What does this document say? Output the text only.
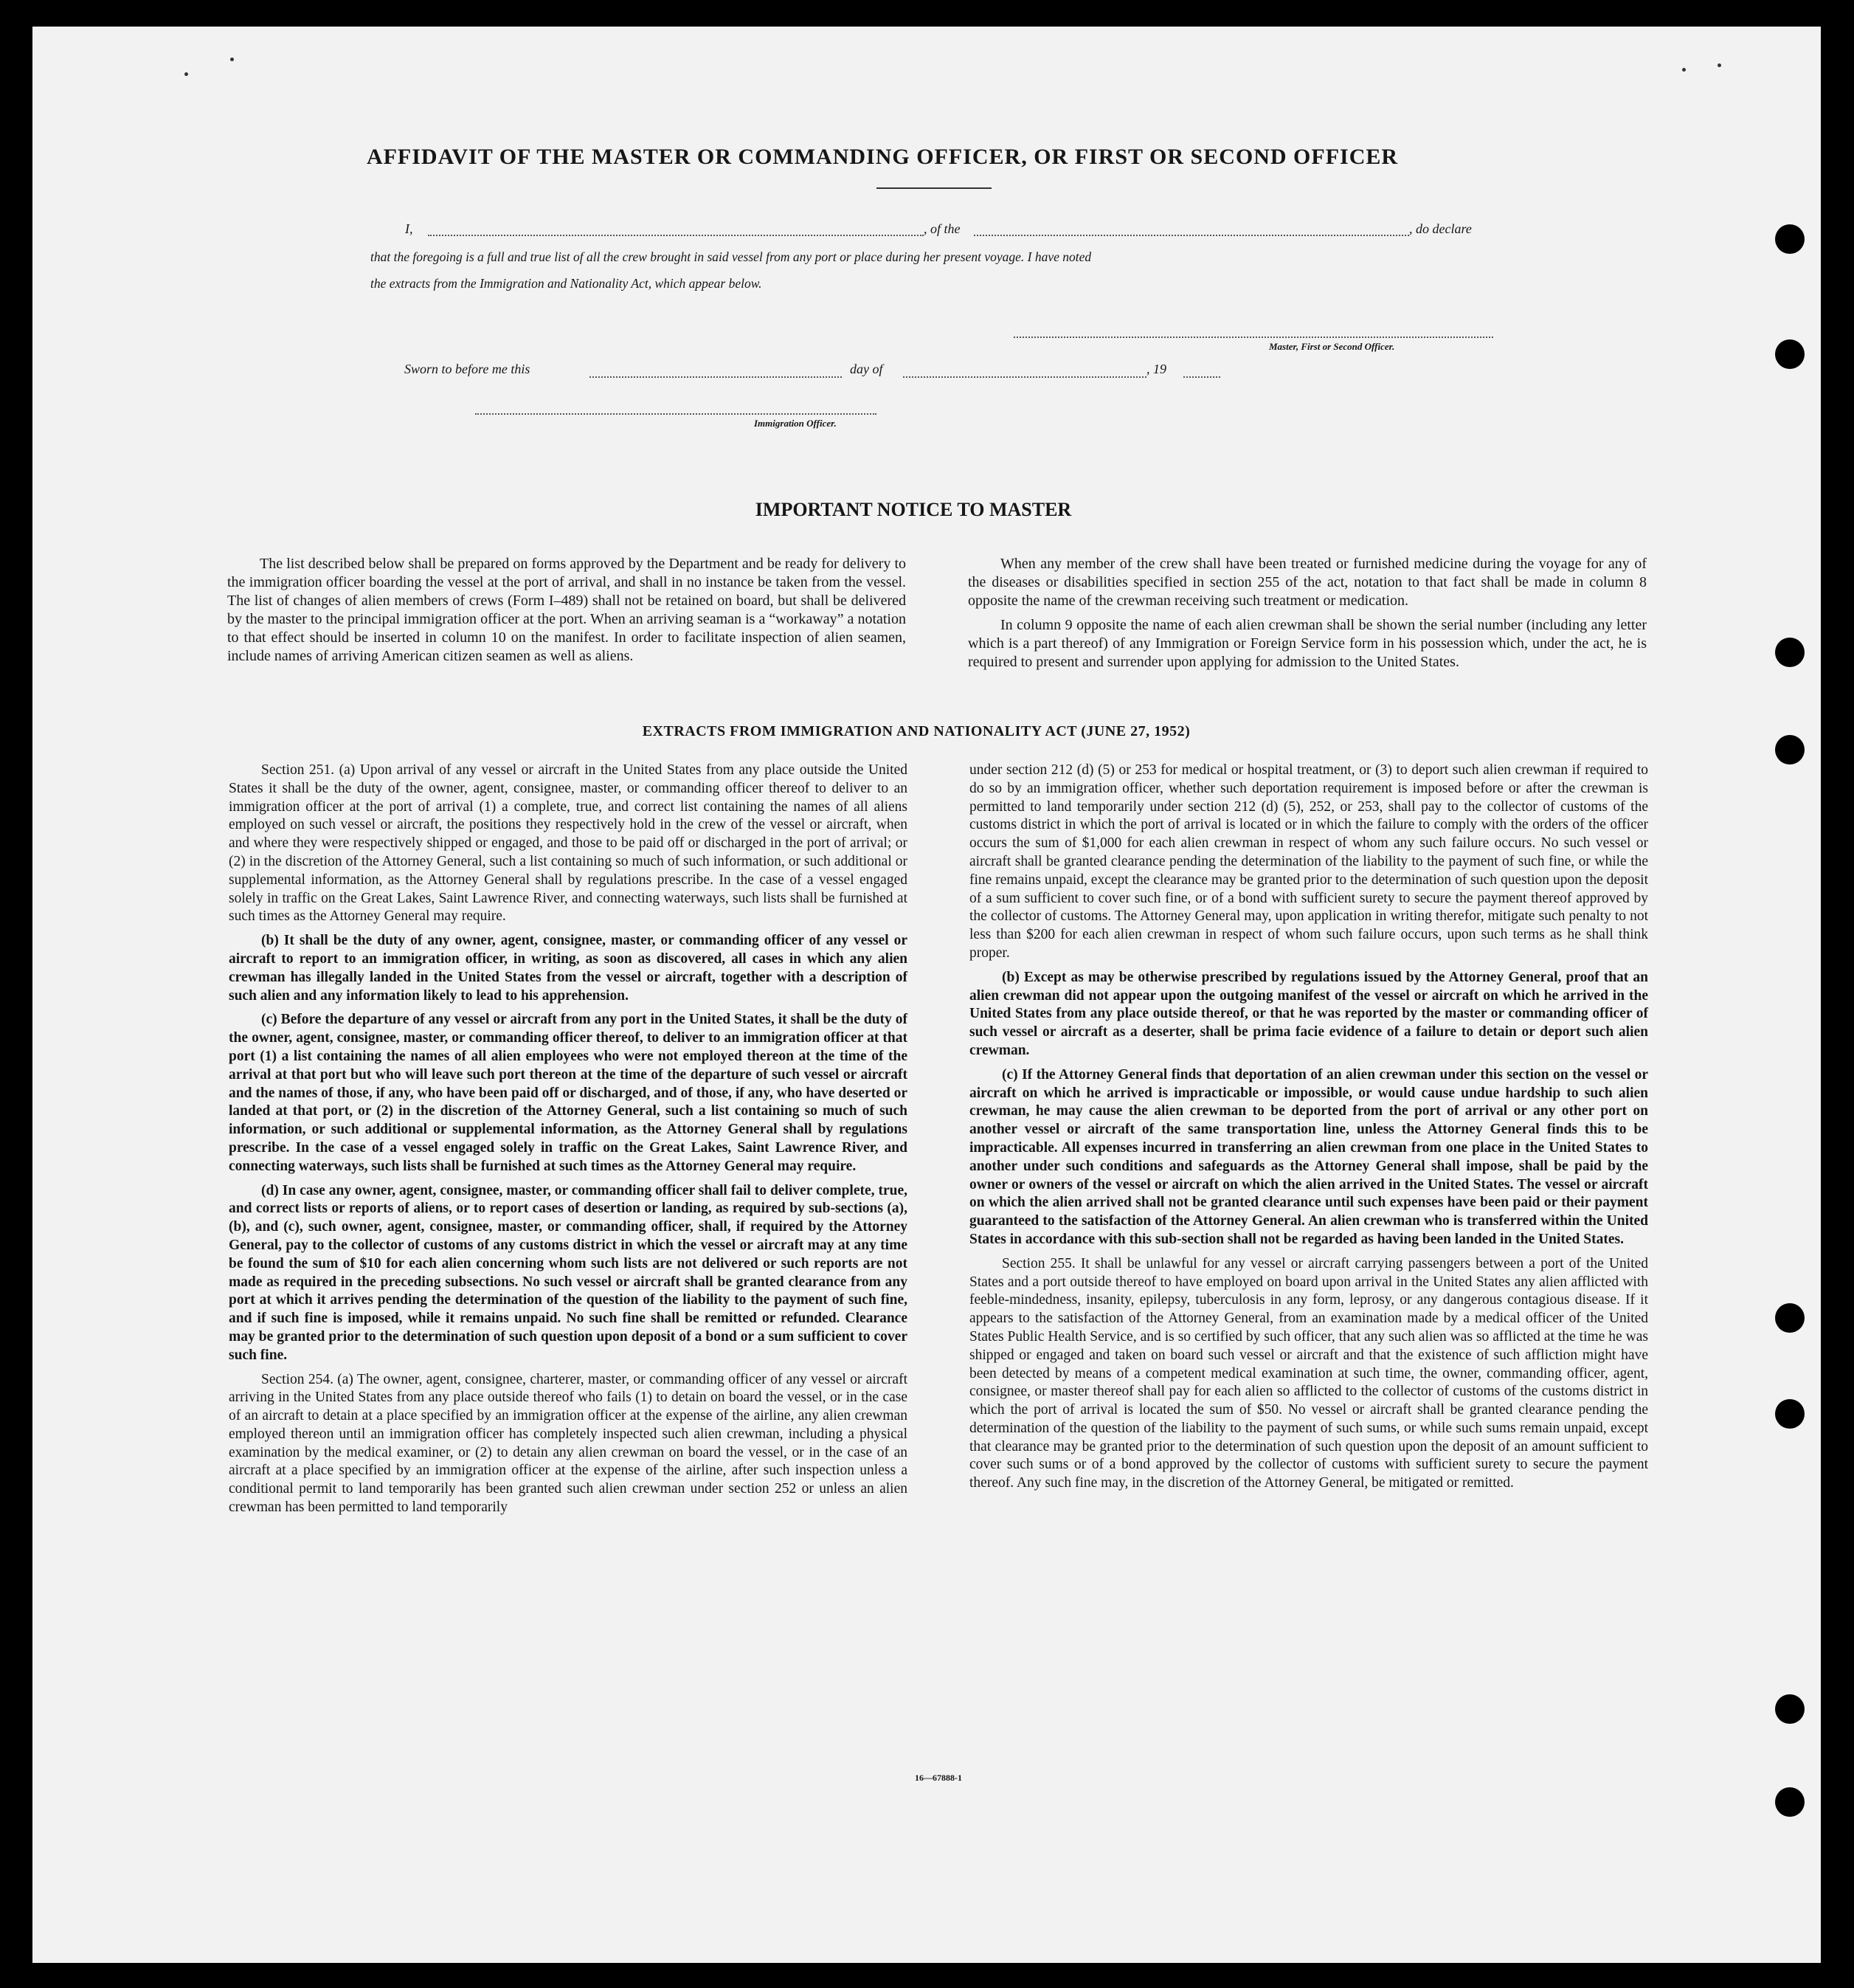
AFFIDAVIT OF THE MASTER OR COMMANDING OFFICER, OR FIRST OR SECOND OFFICER
I,	, of the	, do declare
that the foregoing is a full and true list of all the crew brought in said vessel from any port or place during her present voyage. I have noted
the extracts from the Immigration and Nationality Act, which appear below.
Master, First or Second Officer.
Sworn to before me this	day of	, 19
Immigration Officer.
IMPORTANT NOTICE TO MASTER

The list described below shall be prepared on forms approved by the Department and be ready for delivery to the immigration officer boarding the vessel at the port of arrival, and shall in no instance be taken from the vessel. The list of changes of alien members of crews (Form I–489) shall not be retained on board, but shall be delivered by the master to the principal immigration officer at the port. When an arriving seaman is a “workaway” a notation to that effect should be inserted in column 10 on the manifest. In order to facilitate inspection of alien seamen, include names of arriving American citizen seamen as well as aliens.

When any member of the crew shall have been treated or furnished medicine during the voyage for any of the diseases or disabilities specified in section 255 of the act, notation to that fact shall be made in column 8 opposite the name of the crewman receiving such treatment or medication.

In column 9 opposite the name of each alien crewman shall be shown the serial number (including any letter which is a part thereof) of any Immigration or Foreign Service form in his possession which, under the act, he is required to present and surrender upon applying for admission to the United States.

EXTRACTS FROM IMMIGRATION AND NATIONALITY ACT (JUNE 27, 1952)

Section 251. (a) Upon arrival of any vessel or aircraft in the United States from any place outside the United States it shall be the duty of the owner, agent, consignee, master, or commanding officer thereof to deliver to an immigration officer at the port of arrival (1) a complete, true, and correct list containing the names of all aliens employed on such vessel or aircraft, the positions they respectively hold in the crew of the vessel or aircraft, when and where they were respectively shipped or engaged, and those to be paid off or discharged in the port of arrival; or (2) in the discretion of the Attorney General, such a list containing so much of such information, or such additional or supplemental information, as the Attorney General shall by regulations prescribe. In the case of a vessel engaged solely in traffic on the Great Lakes, Saint Lawrence River, and connecting waterways, such lists shall be furnished at such times as the Attorney General may require.

(b) It shall be the duty of any owner, agent, consignee, master, or commanding officer of any vessel or aircraft to report to an immigration officer, in writing, as soon as discovered, all cases in which any alien crewman has illegally landed in the United States from the vessel or aircraft, together with a description of such alien and any information likely to lead to his apprehension.

(c) Before the departure of any vessel or aircraft from any port in the United States, it shall be the duty of the owner, agent, consignee, master, or commanding officer thereof, to deliver to an immigration officer at that port (1) a list containing the names of all alien employees who were not employed thereon at the time of the arrival at that port but who will leave such port thereon at the time of the departure of such vessel or aircraft and the names of those, if any, who have been paid off or discharged, and of those, if any, who have deserted or landed at that port, or (2) in the discretion of the Attorney General, such a list containing so much of such information, or such additional or supplemental information, as the Attorney General shall by regulations prescribe. In the case of a vessel engaged solely in traffic on the Great Lakes, Saint Lawrence River, and connecting waterways, such lists shall be furnished at such times as the Attorney General may require.

(d) In case any owner, agent, consignee, master, or commanding officer shall fail to deliver complete, true, and correct lists or reports of aliens, or to report cases of desertion or landing, as required by sub-sections (a), (b), and (c), such owner, agent, consignee, master, or commanding officer, shall, if required by the Attorney General, pay to the collector of customs of any customs district in which the vessel or aircraft may at any time be found the sum of $10 for each alien concerning whom such lists are not delivered or such reports are not made as required in the preceding subsections. No such vessel or aircraft shall be granted clearance from any port at which it arrives pending the determination of the question of the liability to the payment of such fine, and if such fine is imposed, while it remains unpaid. No such fine shall be remitted or refunded. Clearance may be granted prior to the determination of such question upon deposit of a bond or a sum sufficient to cover such fine.

Section 254. (a) The owner, agent, consignee, charterer, master, or commanding officer of any vessel or aircraft arriving in the United States from any place outside thereof who fails (1) to detain on board the vessel, or in the case of an aircraft to detain at a place specified by an immigration officer at the expense of the airline, any alien crewman employed thereon until an immigration officer has completely inspected such alien crewman, including a physical examination by the medical examiner, or (2) to detain any alien crewman on board the vessel, or in the case of an aircraft at a place specified by an immigration officer at the expense of the airline, after such inspection unless a conditional permit to land temporarily has been granted such alien crewman under section 252 or unless an alien crewman has been permitted to land temporarily

under section 212 (d) (5) or 253 for medical or hospital treatment, or (3) to deport such alien crewman if required to do so by an immigration officer, whether such deportation requirement is imposed before or after the crewman is permitted to land temporarily under section 212 (d) (5), 252, or 253, shall pay to the collector of customs of the customs district in which the port of arrival is located or in which the failure to comply with the orders of the officer occurs the sum of $1,000 for each alien crewman in respect of whom any such failure occurs. No such vessel or aircraft shall be granted clearance pending the determination of the liability to the payment of such fine, or while the fine remains unpaid, except the clearance may be granted prior to the determination of such question upon the deposit of a sum sufficient to cover such fine, or of a bond with sufficient surety to secure the payment thereof approved by the collector of customs. The Attorney General may, upon application in writing therefor, mitigate such penalty to not less than $200 for each alien crewman in respect of whom such failure occurs, upon such terms as he shall think proper.

(b) Except as may be otherwise prescribed by regulations issued by the Attorney General, proof that an alien crewman did not appear upon the outgoing manifest of the vessel or aircraft on which he arrived in the United States from any place outside thereof, or that he was reported by the master or commanding officer of such vessel or aircraft as a deserter, shall be prima facie evidence of a failure to detain or deport such alien crewman.

(c) If the Attorney General finds that deportation of an alien crewman under this section on the vessel or aircraft on which he arrived is impracticable or impossible, or would cause undue hardship to such alien crewman, he may cause the alien crewman to be deported from the port of arrival or any other port on another vessel or aircraft of the same transportation line, unless the Attorney General finds this to be impracticable. All expenses incurred in transferring an alien crewman from one place in the United States to another under such conditions and safeguards as the Attorney General shall impose, shall be paid by the owner or owners of the vessel or aircraft on which the alien arrived in the United States. The vessel or aircraft on which the alien arrived shall not be granted clearance until such expenses have been paid or their payment guaranteed to the satisfaction of the Attorney General. An alien crewman who is transferred within the United States in accordance with this sub-section shall not be regarded as having been landed in the United States.

Section 255. It shall be unlawful for any vessel or aircraft carrying passengers between a port of the United States and a port outside thereof to have employed on board upon arrival in the United States any alien afflicted with feeble-mindedness, insanity, epilepsy, tuberculosis in any form, leprosy, or any dangerous contagious disease. If it appears to the satisfaction of the Attorney General, from an examination made by a medical officer of the United States Public Health Service, and is so certified by such officer, that any such alien was so afflicted at the time he was shipped or engaged and taken on board such vessel or aircraft and that the existence of such affliction might have been detected by means of a competent medical examination at such time, the owner, commanding officer, agent, consignee, or master thereof shall pay for each alien so afflicted to the collector of customs of the customs district in which the port of arrival is located the sum of $50. No vessel or aircraft shall be granted clearance pending the determination of the question of the liability to the payment of such sums, or while such sums remain unpaid, except that clearance may be granted prior to the determination of such question upon the deposit of an amount sufficient to cover such sums or of a bond approved by the collector of customs with sufficient surety to secure the payment thereof. Any such fine may, in the discretion of the Attorney General, be mitigated or remitted.

16—67888-1
